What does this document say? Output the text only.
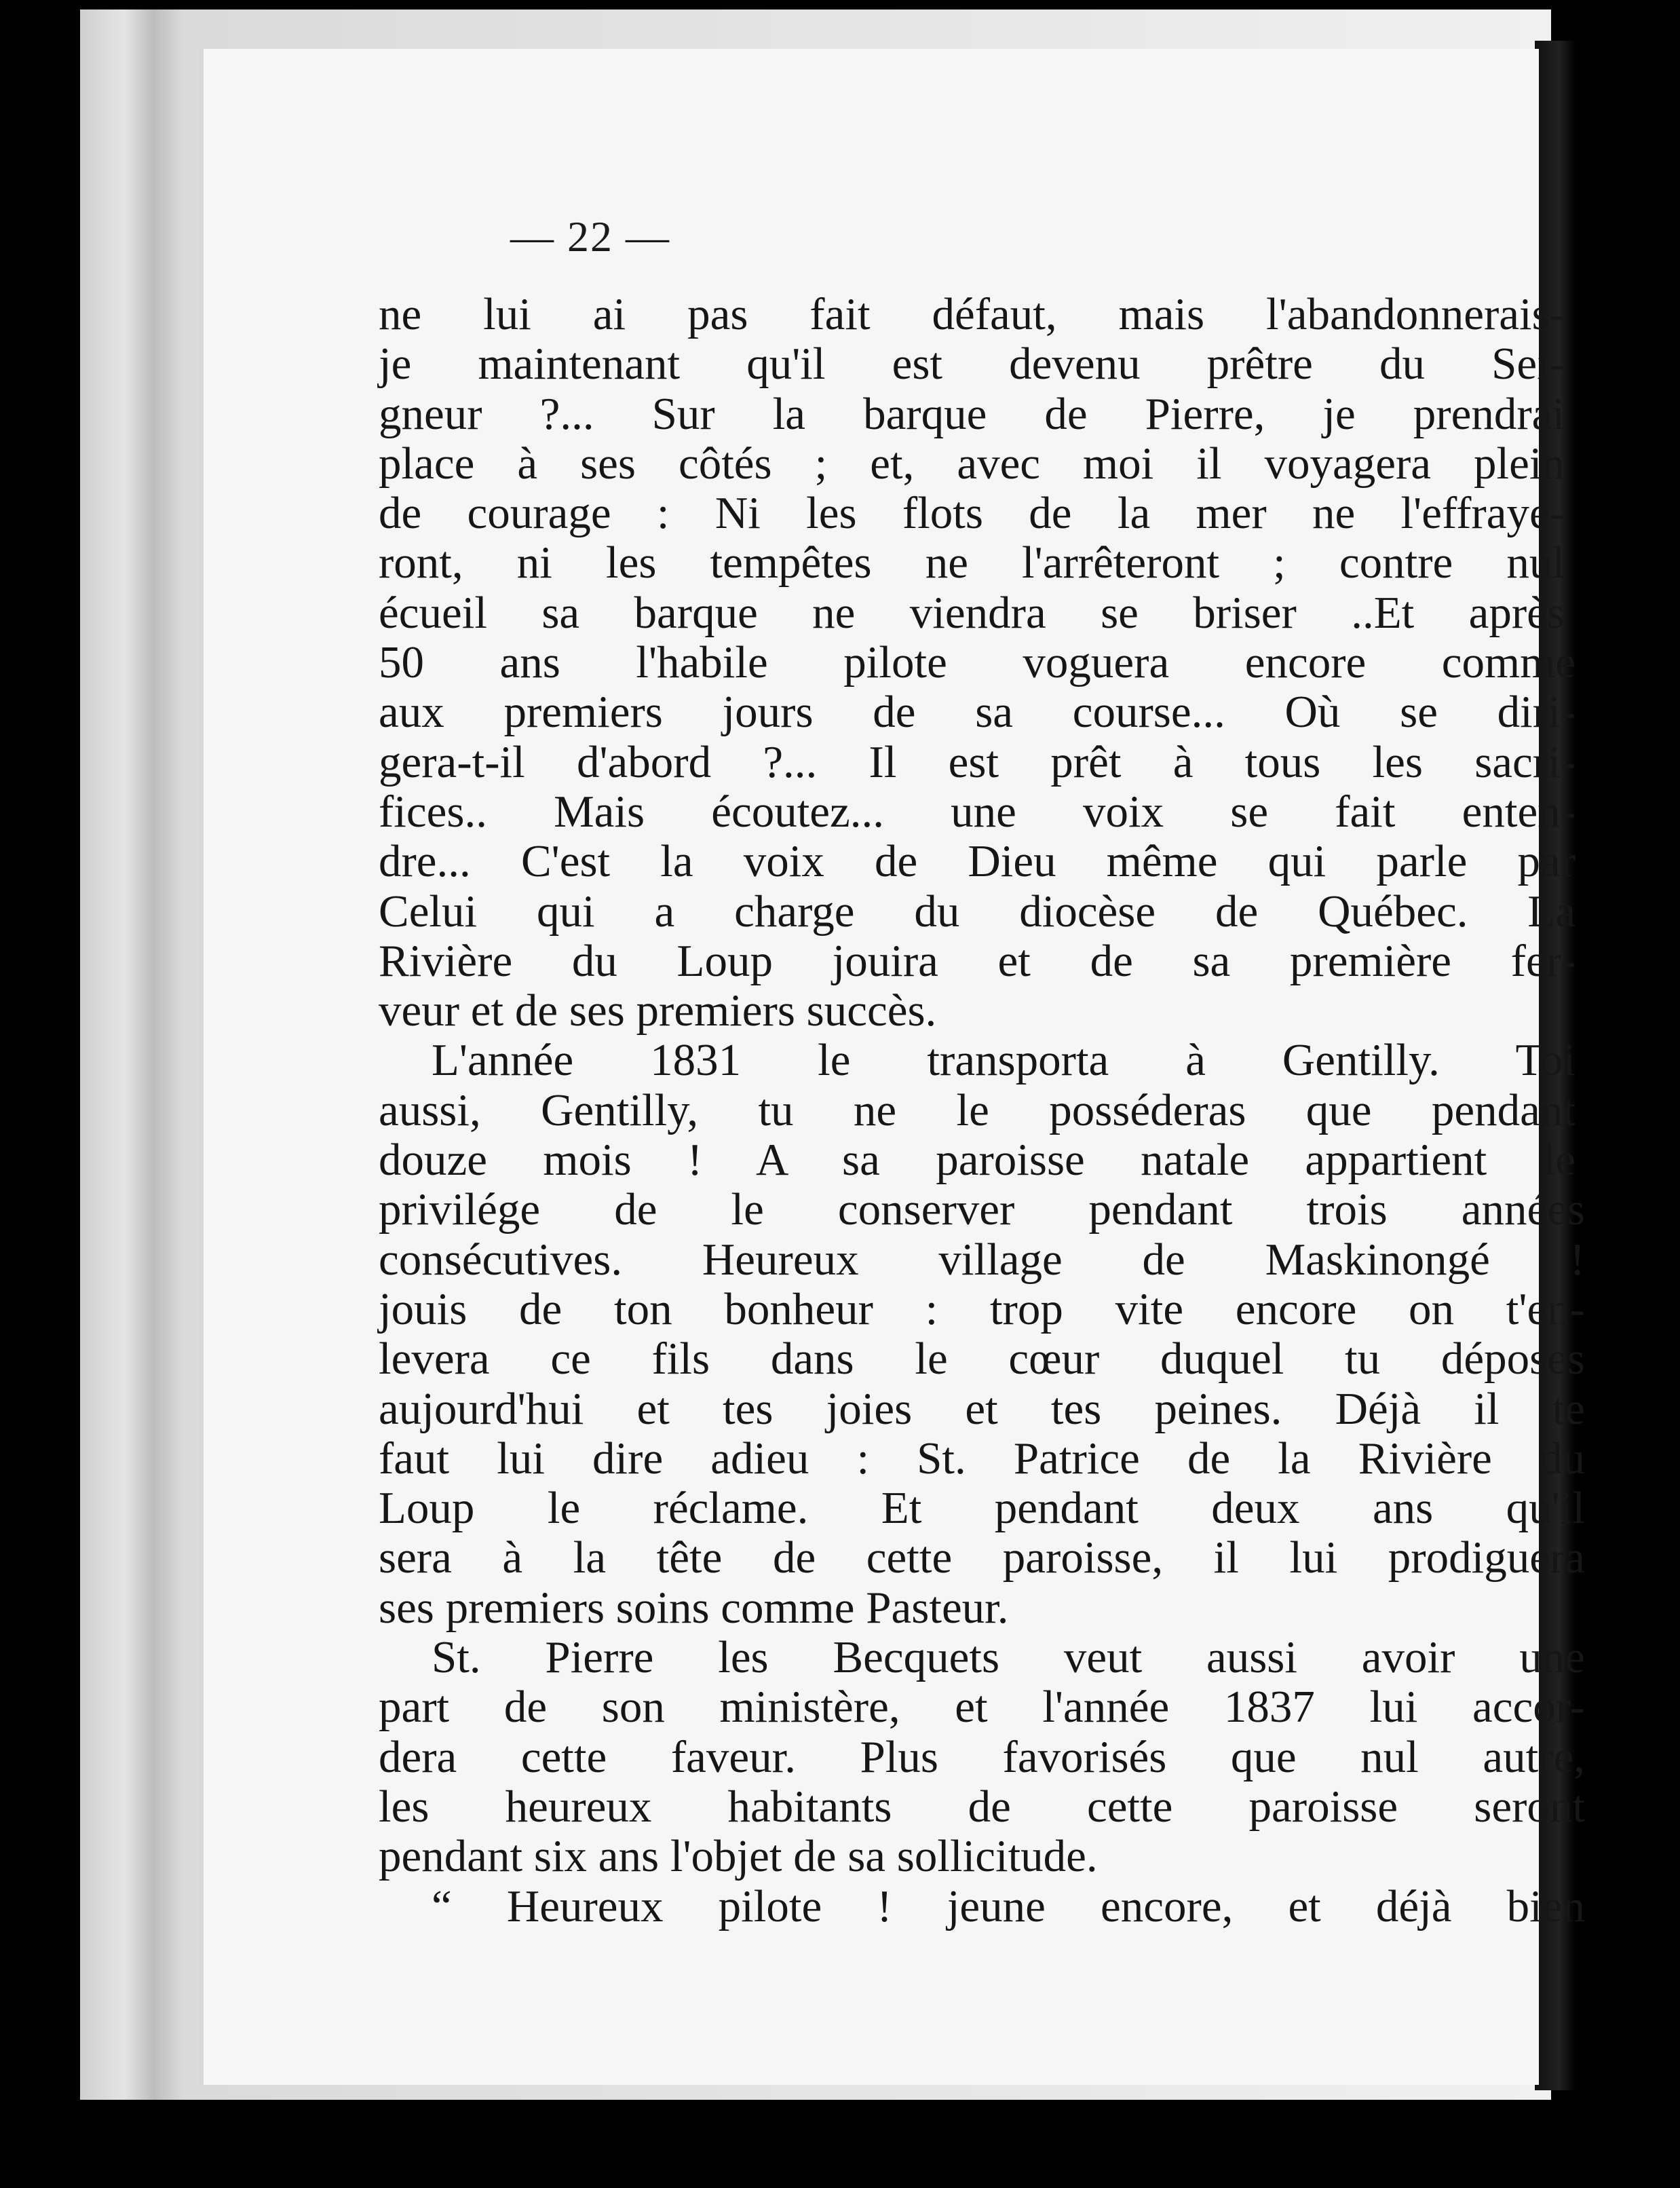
— 22 —
ne lui ai pas fait défaut, mais l'abandonnerais-
je maintenant qu'il est devenu prêtre du Sei-
gneur ?... Sur la barque de Pierre, je prendrai
place à ses côtés ; et, avec moi il voyagera plein
de courage : Ni les flots de la mer ne l'effraye-
ront, ni les tempêtes ne l'arrêteront ; contre nul
écueil sa barque ne viendra se briser ..Et après
50 ans l'habile pilote voguera encore comme
aux premiers jours de sa course... Où se diri-
gera-t-il d'abord ?... Il est prêt à tous les sacri-
fices.. Mais écoutez... une voix se fait enten-
dre... C'est la voix de Dieu même qui parle par
Celui qui a charge du diocèse de Québec. La
Rivière du Loup jouira et de sa première fer-
veur et de ses premiers succès.
L'année 1831 le transporta à Gentilly. Toi
aussi, Gentilly, tu ne le posséderas que pendant
douze mois ! A sa paroisse natale appartient le
privilége de le conserver pendant trois années
consécutives. Heureux village de Maskinongé !
jouis de ton bonheur : trop vite encore on t'en-
levera ce fils dans le cœur duquel tu déposes
aujourd'hui et tes joies et tes peines. Déjà il te
faut lui dire adieu : St. Patrice de la Rivière du
Loup le réclame. Et pendant deux ans qu'il
sera à la tête de cette paroisse, il lui prodiguera
ses premiers soins comme Pasteur.
St. Pierre les Becquets veut aussi avoir une
part de son ministère, et l'année 1837 lui accor-
dera cette faveur. Plus favorisés que nul autre,
les heureux habitants de cette paroisse seront
pendant six ans l'objet de sa sollicitude.
“ Heureux pilote ! jeune encore, et déjà bien
